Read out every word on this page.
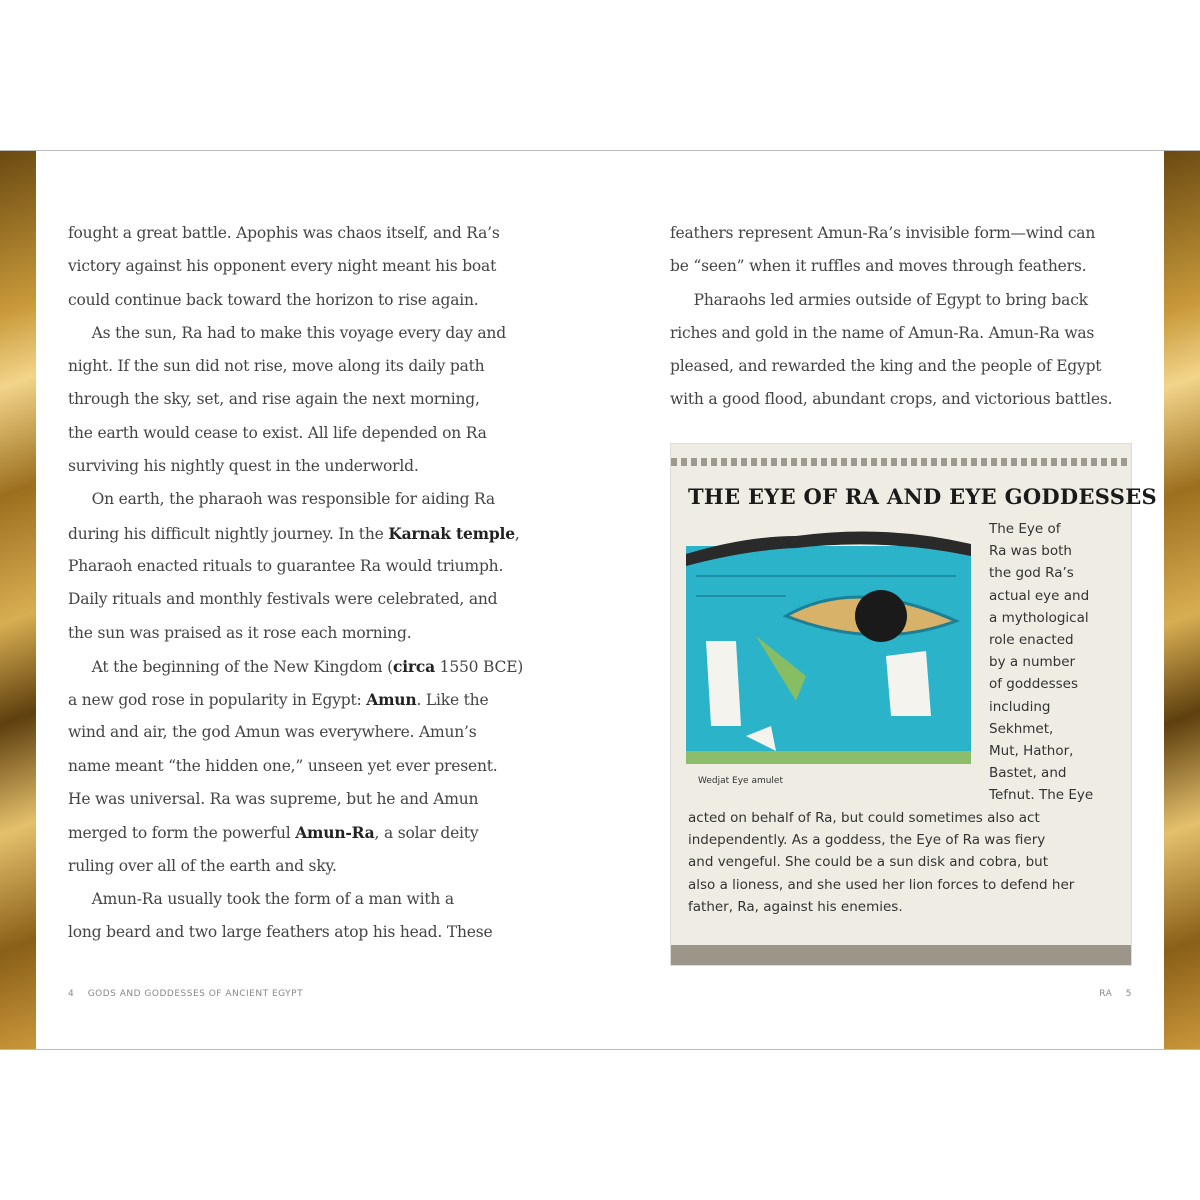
fought a great battle. Apophis was chaos itself, and Ra’s
victory against his opponent every night meant his boat
could continue back toward the horizon to rise again.
As the sun, Ra had to make this voyage every day and
night. If the sun did not rise, move along its daily path
through the sky, set, and rise again the next morning,
the earth would cease to exist. All life depended on Ra
surviving his nightly quest in the underworld.
On earth, the pharaoh was responsible for aiding Ra
during his difficult nightly journey. In the Karnak temple,
Pharaoh enacted rituals to guarantee Ra would triumph.
Daily rituals and monthly festivals were celebrated, and
the sun was praised as it rose each morning.
At the beginning of the New Kingdom (circa 1550 BCE)
a new god rose in popularity in Egypt: Amun. Like the
wind and air, the god Amun was everywhere. Amun’s
name meant “the hidden one,” unseen yet ever present.
He was universal. Ra was supreme, but he and Amun
merged to form the powerful Amun-Ra, a solar deity
ruling over all of the earth and sky.
Amun-Ra usually took the form of a man with a
long beard and two large feathers atop his head. These
feathers represent Amun-Ra’s invisible form—wind can
be “seen” when it ruffles and moves through feathers.
Pharaohs led armies outside of Egypt to bring back
riches and gold in the name of Amun-Ra. Amun-Ra was
pleased, and rewarded the king and the people of Egypt
with a good flood, abundant crops, and victorious battles.
4 GODS AND GODDESSES OF ANCIENT EGYPT	RA 5
THE EYE OF RA AND EYE GODDESSES
Wedjat Eye amulet
The Eye of
Ra was both
the god Ra’s
actual eye and
a mythological
role enacted
by a number
of goddesses
including
Sekhmet,
Mut, Hathor,
Bastet, and
Tefnut. The Eye
acted on behalf of Ra, but could sometimes also act
independently. As a goddess, the Eye of Ra was fiery
and vengeful. She could be a sun disk and cobra, but
also a lioness, and she used her lion forces to defend her
father, Ra, against his enemies.
